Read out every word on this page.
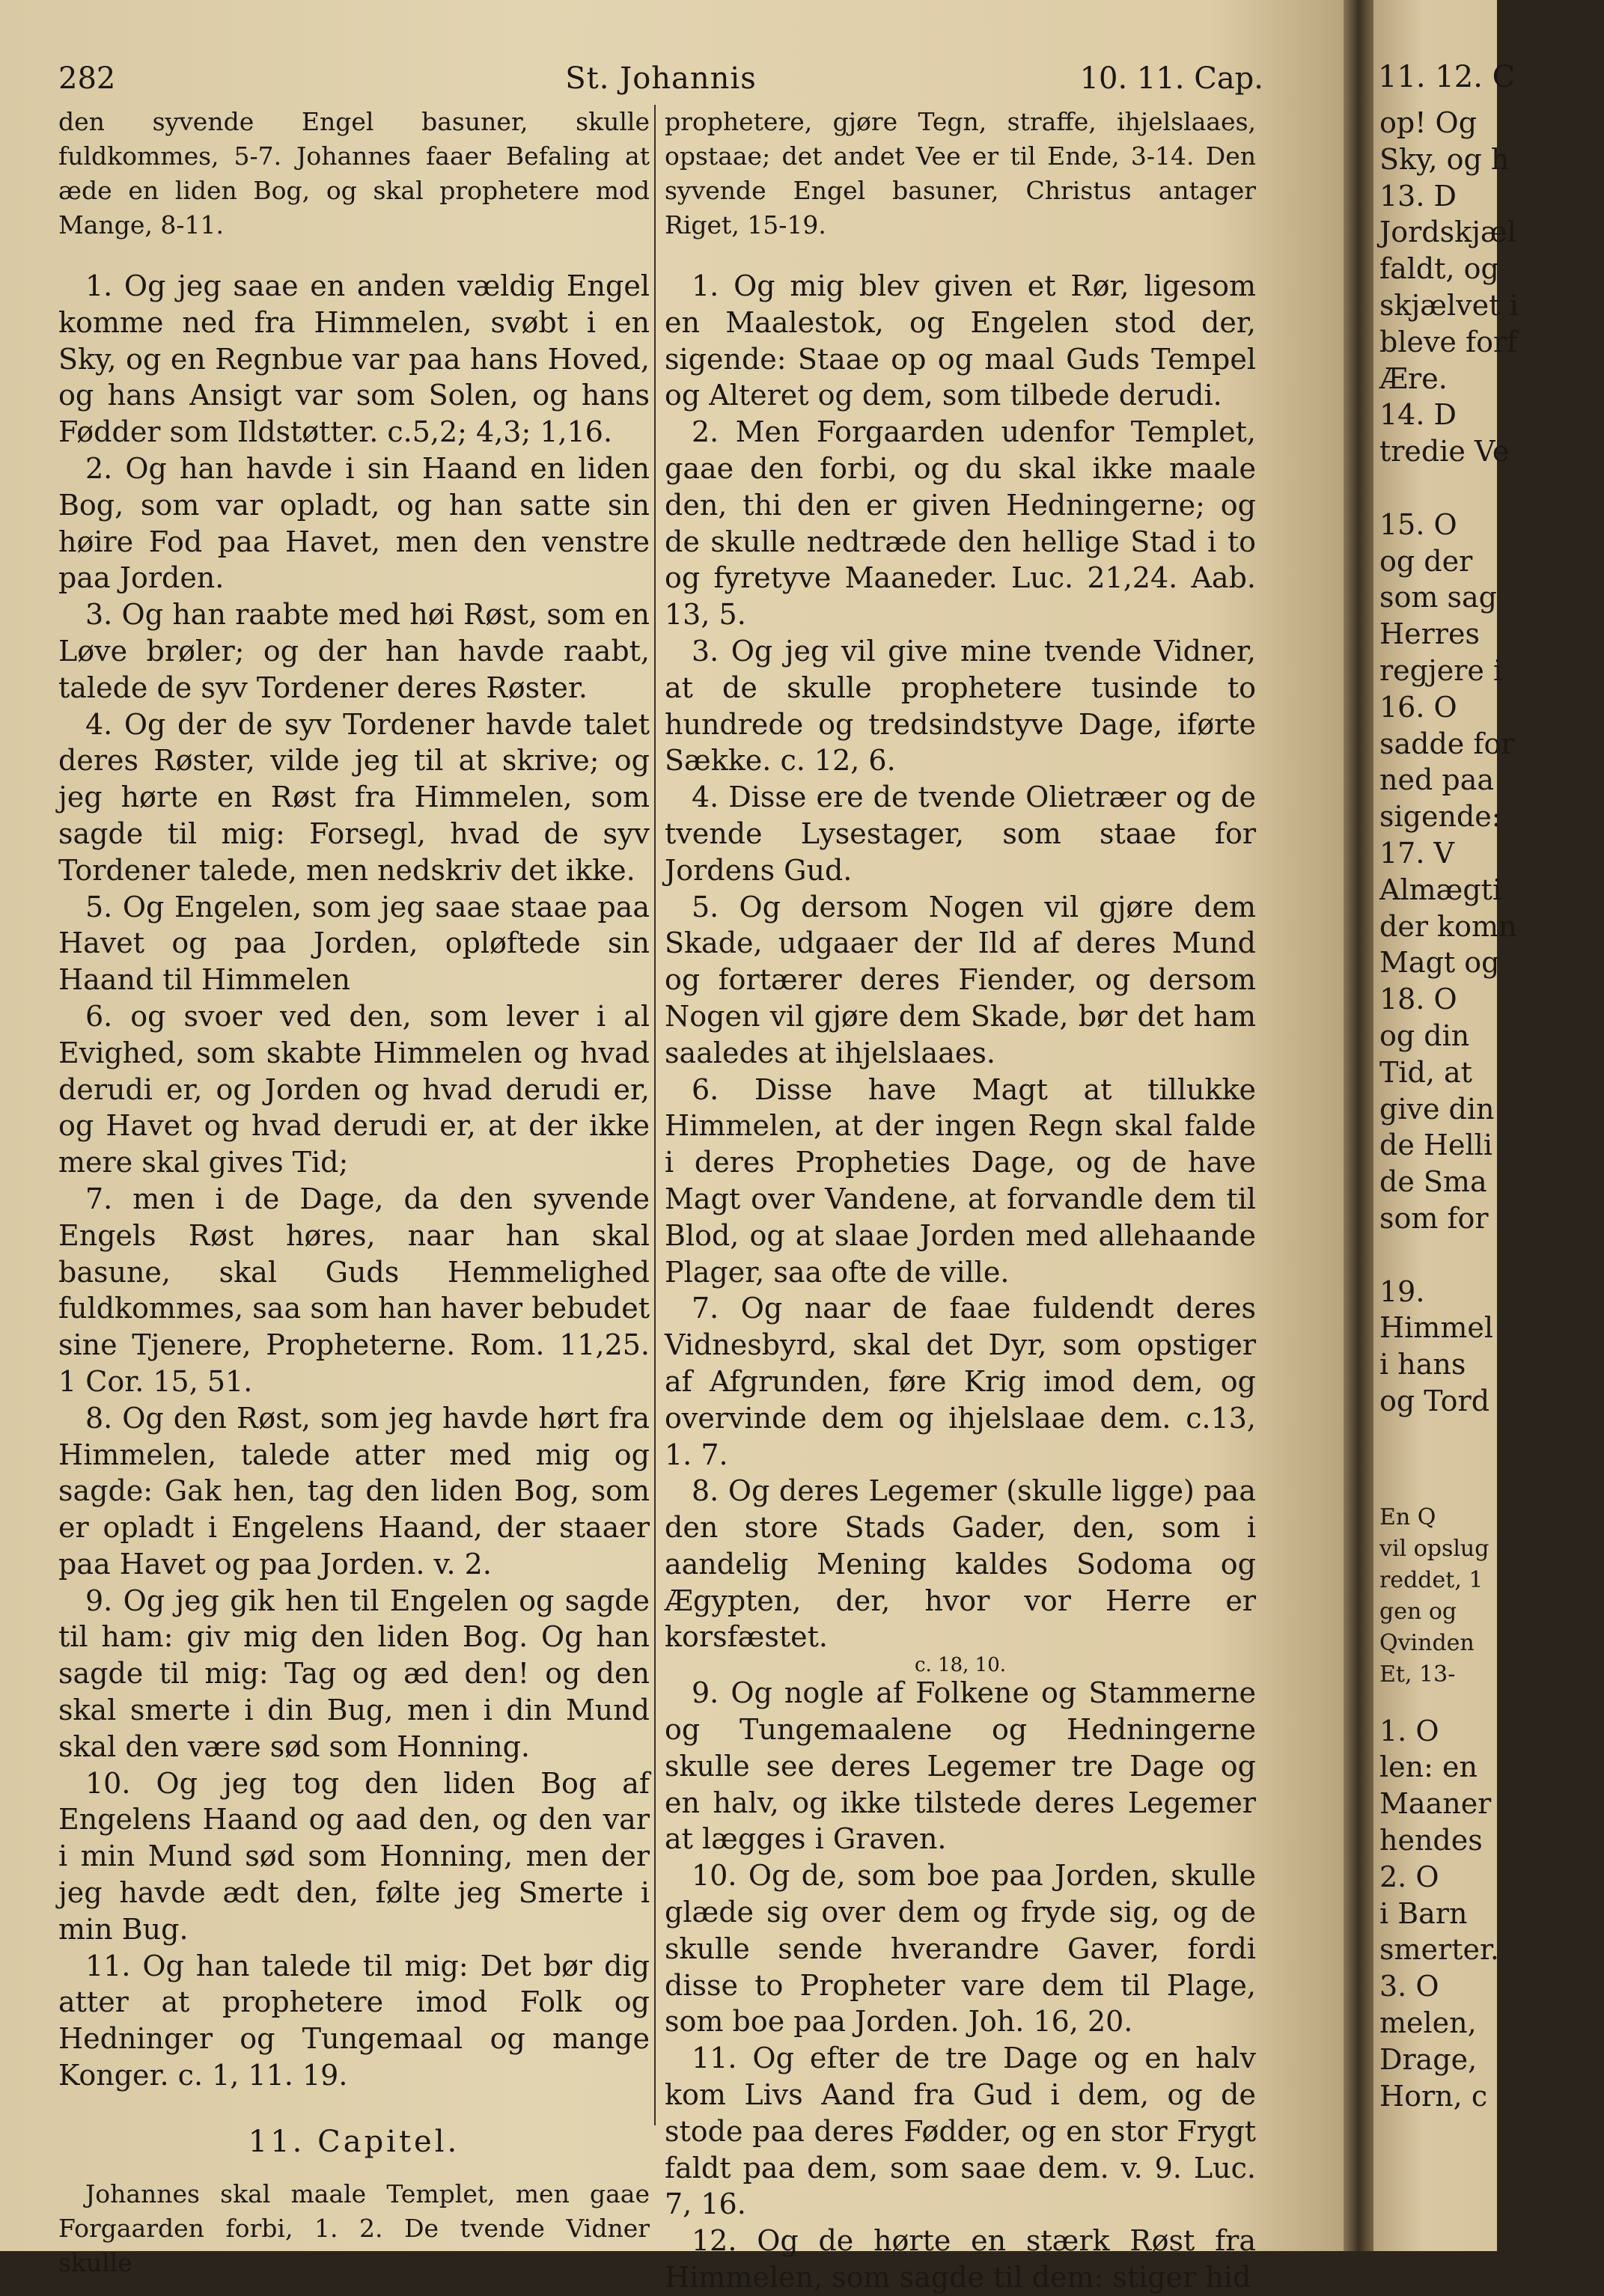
282	St. Johannis	10. 11. Cap.

den syvende Engel basuner, skulle fuldkommes, 5-7. Johannes faaer Befaling at æde en liden Bog, og skal prophetere mod Mange, 8-11.

1. Og jeg saae en anden vældig Engel komme ned fra Himmelen, svøbt i en Sky, og en Regnbue var paa hans Hoved, og hans Ansigt var som Solen, og hans Fødder som Ildstøtter. c.5,2; 4,3; 1,16.

2. Og han havde i sin Haand en liden Bog, som var opladt, og han satte sin høire Fod paa Havet, men den venstre paa Jorden.

3. Og han raabte med høi Røst, som en Løve brøler; og der han havde raabt, talede de syv Tordener deres Røster.

4. Og der de syv Tordener havde talet deres Røster, vilde jeg til at skrive; og jeg hørte en Røst fra Himmelen, som sagde til mig: Forsegl, hvad de syv Tordener talede, men nedskriv det ikke.

5. Og Engelen, som jeg saae staae paa Havet og paa Jorden, opløftede sin Haand til Himmelen

6. og svoer ved den, som lever i al Evighed, som skabte Himmelen og hvad derudi er, og Jorden og hvad derudi er, og Havet og hvad derudi er, at der ikke mere skal gives Tid;

7. men i de Dage, da den syvende Engels Røst høres, naar han skal basune, skal Guds Hemmelighed fuldkommes, saa som han haver bebudet sine Tjenere, Propheterne. Rom. 11,25. 1 Cor. 15, 51.

8. Og den Røst, som jeg havde hørt fra Himmelen, talede atter med mig og sagde: Gak hen, tag den liden Bog, som er opladt i Engelens Haand, der staaer paa Havet og paa Jorden. v. 2.

9. Og jeg gik hen til Engelen og sagde til ham: giv mig den liden Bog. Og han sagde til mig: Tag og æd den! og den skal smerte i din Bug, men i din Mund skal den være sød som Honning.

10. Og jeg tog den liden Bog af Engelens Haand og aad den, og den var i min Mund sød som Honning, men der jeg havde ædt den, følte jeg Smerte i min Bug.

11. Og han talede til mig: Det bør dig atter at prophetere imod Folk og Hedninger og Tungemaal og mange Konger. c. 1, 11. 19.

11. Capitel.

Johannes skal maale Templet, men gaae Forgaarden forbi, 1. 2. De tvende Vidner skulle

prophetere, gjøre Tegn, straffe, ihjelslaaes, opstaae; det andet Vee er til Ende, 3-14. Den syvende Engel basuner, Christus antager Riget, 15-19.

1. Og mig blev given et Rør, ligesom en Maalestok, og Engelen stod der, sigende: Staae op og maal Guds Tempel og Alteret og dem, som tilbede derudi.

2. Men Forgaarden udenfor Templet, gaae den forbi, og du skal ikke maale den, thi den er given Hedningerne; og de skulle nedtræde den hellige Stad i to og fyretyve Maaneder. Luc. 21,24. Aab. 13, 5.

3. Og jeg vil give mine tvende Vidner, at de skulle prophetere tusinde to hundrede og tredsindstyve Dage, iførte Sække. c. 12, 6.

4. Disse ere de tvende Olietræer og de tvende Lysestager, som staae for Jordens Gud.

5. Og dersom Nogen vil gjøre dem Skade, udgaaer der Ild af deres Mund og fortærer deres Fiender, og dersom Nogen vil gjøre dem Skade, bør det ham saaledes at ihjelslaaes.

6. Disse have Magt at tillukke Himmelen, at der ingen Regn skal falde i deres Propheties Dage, og de have Magt over Vandene, at forvandle dem til Blod, og at slaae Jorden med allehaande Plager, saa ofte de ville.

7. Og naar de faae fuldendt deres Vidnesbyrd, skal det Dyr, som opstiger af Afgrunden, føre Krig imod dem, og overvinde dem og ihjelslaae dem. c.13, 1. 7.

8. Og deres Legemer (skulle ligge) paa den store Stads Gader, den, som i aandelig Mening kaldes Sodoma og Ægypten, der, hvor vor Herre er korsfæstet.

c. 18, 10.

9. Og nogle af Folkene og Stammerne og Tungemaalene og Hedningerne skulle see deres Legemer tre Dage og en halv, og ikke tilstede deres Legemer at lægges i Graven.

10. Og de, som boe paa Jorden, skulle glæde sig over dem og fryde sig, og de skulle sende hverandre Gaver, fordi disse to Propheter vare dem til Plage, som boe paa Jorden. Joh. 16, 20.

11. Og efter de tre Dage og en halv kom Livs Aand fra Gud i dem, og de stode paa deres Fødder, og en stor Frygt faldt paa dem, som saae dem. v. 9. Luc. 7, 16.

12. Og de hørte en stærk Røst fra Himmelen, som sagde til dem: stiger hid

11. 12. C

op! Og

Sky, og h

13. D

Jordskjæl

faldt, og

skjælvet i

bleve forf

Ære.

14. D

tredie Ve

15. O

og der

som sag

Herres

regjere i

16. O

sadde for

ned paa

sigende:

17. V

Almægti

der komn

Magt og

18. O

og din

Tid, at

give din

de Helli

de Sma

som for

19.

Himmel

i hans

og Tord

En Q

vil opslug

reddet, 1

gen og

Qvinden

Et, 13-

1. O

len: en

Maaner

hendes

2. O

i Barn

smerter.

3. O

melen,

Drage,

Horn, c
